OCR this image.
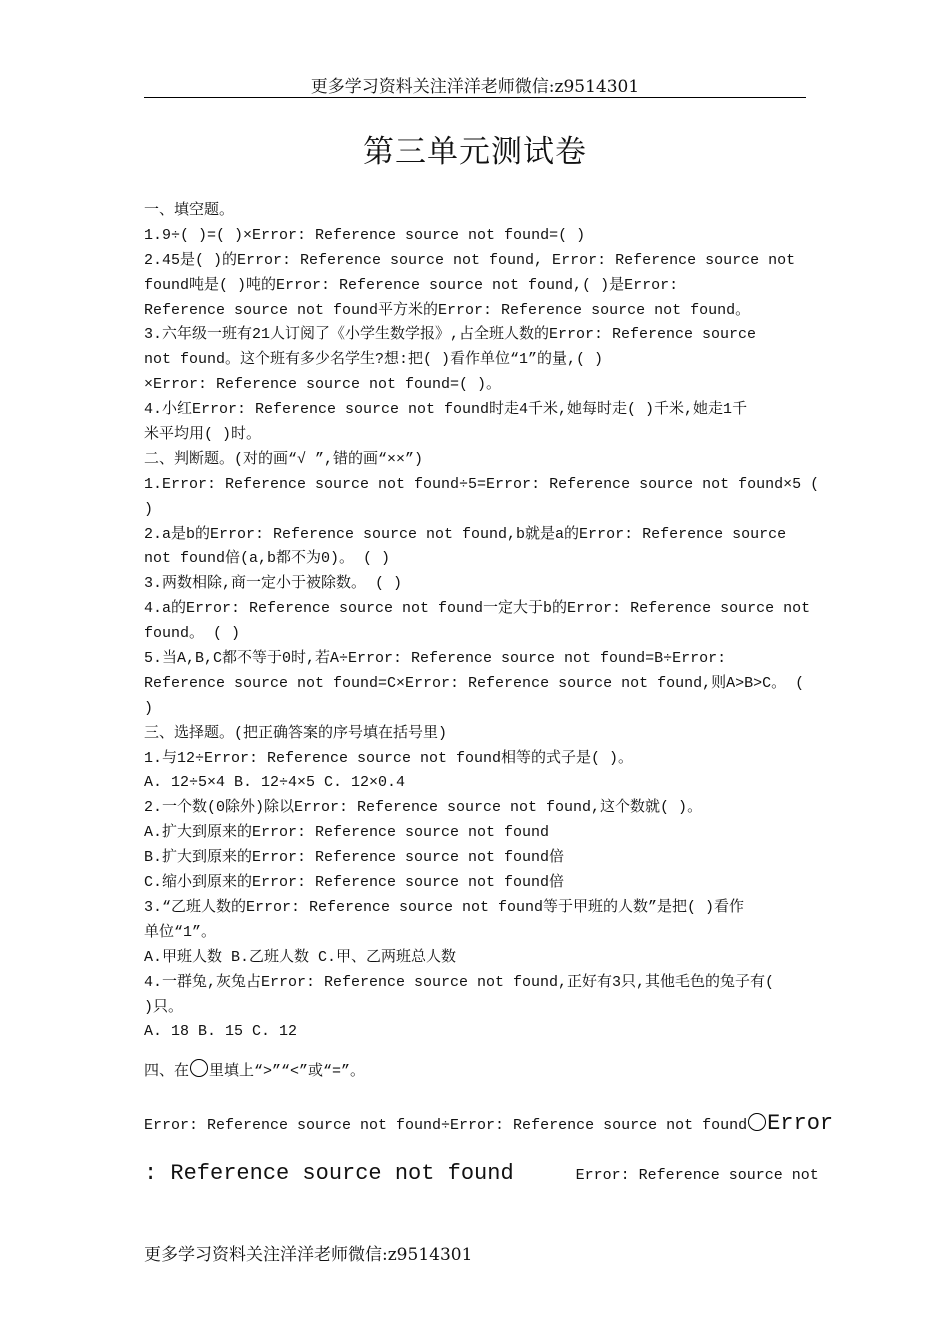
更多学习资料关注洋洋老师微信:z9514301
第三单元测试卷
一、填空题。
1.9÷( )=( )×Error: Reference source not found=( )
2.45是( )的Error: Reference source not found, Error: Reference source not
found吨是( )吨的Error: Reference source not found,( )是Error:
Reference source not found平方米的Error: Reference source not found。
3.六年级一班有21人订阅了《小学生数学报》,占全班人数的Error: Reference source
not found。这个班有多少名学生?想:把( )看作单位“1”的量,( )
×Error: Reference source not found=( )。
4.小红Error: Reference source not found时走4千米,她每时走( )千米,她走1千
米平均用( )时。
二、判断题。(对的画“√ ”,错的画“××”)
1.Error: Reference source not found÷5=Error: Reference source not found×5 (
)
2.a是b的Error: Reference source not found,b就是a的Error: Reference source
not found倍(a,b都不为0)。 ( )
3.两数相除,商一定小于被除数。 ( )
4.a的Error: Reference source not found一定大于b的Error: Reference source not
found。 ( )
5.当A,B,C都不等于0时,若A÷Error: Reference source not found=B÷Error:
Reference source not found=C×Error: Reference source not found,则A>B>C。 (
)
三、选择题。(把正确答案的序号填在括号里)
1.与12÷Error: Reference source not found相等的式子是( )。
A. 12÷5×4 B. 12÷4×5 C. 12×0.4
2.一个数(0除外)除以Error: Reference source not found,这个数就( )。
A.扩大到原来的Error: Reference source not found
B.扩大到原来的Error: Reference source not found倍
C.缩小到原来的Error: Reference source not found倍
3.“乙班人数的Error: Reference source not found等于甲班的人数”是把( )看作
单位“1”。
A.甲班人数 B.乙班人数 C.甲、乙两班总人数
4.一群兔,灰兔占Error: Reference source not found,正好有3只,其他毛色的兔子有(
)只。
A. 18 B. 15 C. 12
四、在 里填上“>”“<”或“=”。
Error: Reference source not found÷Error: Reference source not found Error
: Reference source not found	Error: Reference source not
更多学习资料关注洋洋老师微信:z9514301
